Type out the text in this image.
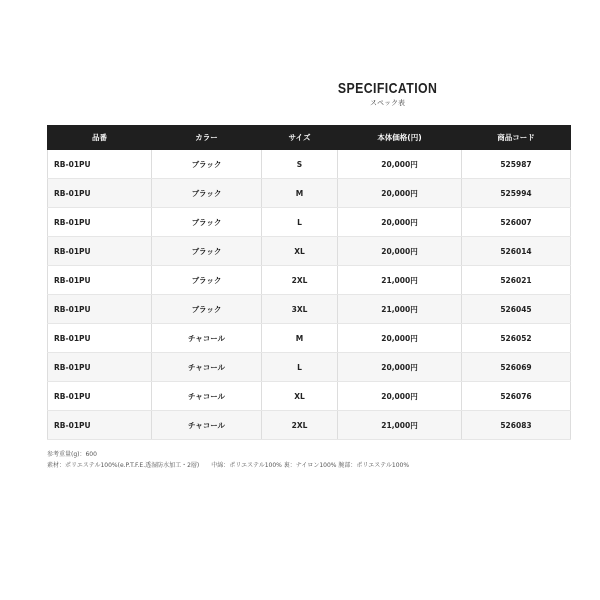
SPECIFICATION
スペック表
品番	カラー	サイズ	本体価格(円)	商品コード
RB-01PU	ブラック	S	20,000円	525987
RB-01PU	ブラック	M	20,000円	525994
RB-01PU	ブラック	L	20,000円	526007
RB-01PU	ブラック	XL	20,000円	526014
RB-01PU	ブラック	2XL	21,000円	526021
RB-01PU	ブラック	3XL	21,000円	526045
RB-01PU	チャコール	M	20,000円	526052
RB-01PU	チャコール	L	20,000円	526069
RB-01PU	チャコール	XL	20,000円	526076
RB-01PU	チャコール	2XL	21,000円	526083
参考重量(g)：600
素材：ポリエステル100%(e.P.T.F.E.透湿防水加工・2層)　　中綿：ポリエステル100% 裏：ナイロン100% 腕部：ポリエステル100%
